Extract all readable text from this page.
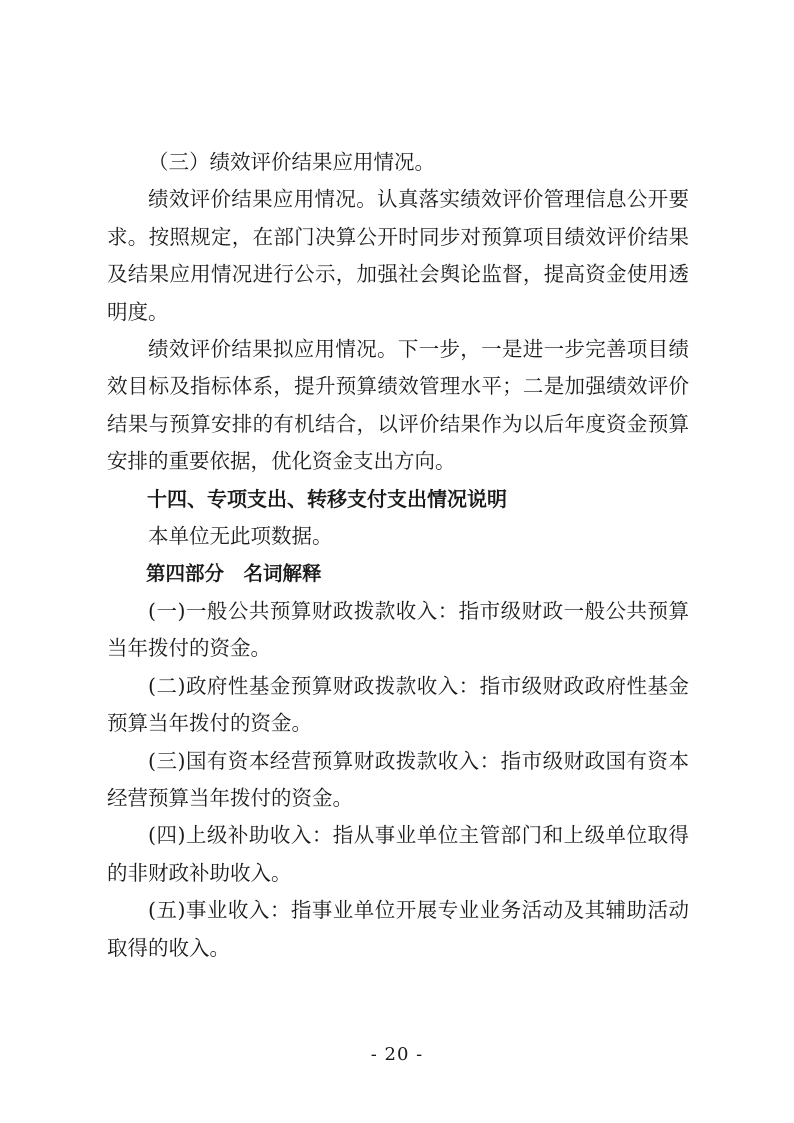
（三）绩效评价结果应用情况。

绩效评价结果应用情况。认真落实绩效评价管理信息公开要求。按照规定，在部门决算公开时同步对预算项目绩效评价结果及结果应用情况进行公示，加强社会舆论监督，提高资金使用透明度。

绩效评价结果拟应用情况。下一步，一是进一步完善项目绩效目标及指标体系，提升预算绩效管理水平；二是加强绩效评价结果与预算安排的有机结合，以评价结果作为以后年度资金预算安排的重要依据，优化资金支出方向。

十四、专项支出、转移支付支出情况说明

本单位无此项数据。

第四部分　名词解释

(一)一般公共预算财政拨款收入：指市级财政一般公共预算当年拨付的资金。

(二)政府性基金预算财政拨款收入：指市级财政政府性基金预算当年拨付的资金。

(三)国有资本经营预算财政拨款收入：指市级财政国有资本经营预算当年拨付的资金。

(四)上级补助收入：指从事业单位主管部门和上级单位取得的非财政补助收入。

(五)事业收入：指事业单位开展专业业务活动及其辅助活动取得的收入。

- 20 -
